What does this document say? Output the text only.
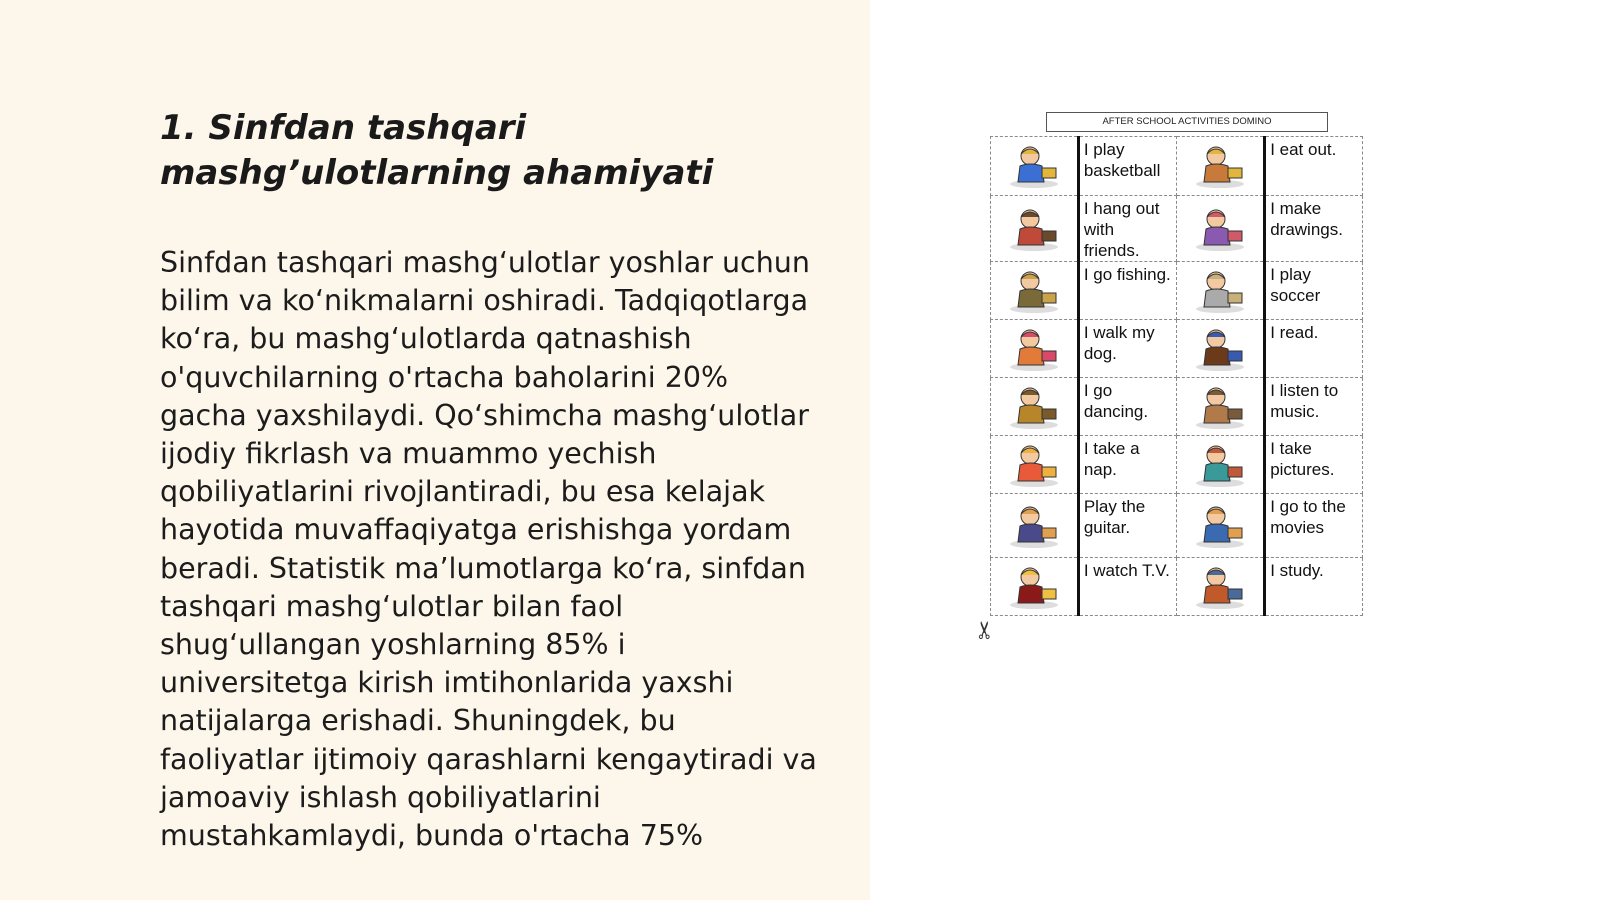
1. Sinfdan tashqari mashg’ulotlarning ahamiyati

Sinfdan tashqari mashg‘ulotlar yoshlar uchun bilim va ko‘nikmalarni oshiradi. Tadqiqotlarga ko‘ra, bu mashg‘ulotlarda qatnashish o'quvchilarning o'rtacha baholarini 20% gacha yaxshilaydi. Qo‘shimcha mashg‘ulotlar ijodiy fikrlash va muammo yechish qobiliyatlarini rivojlantiradi, bu esa kelajak hayotida muvaffaqiyatga erishishga yordam beradi. Statistik ma’lumotlarga ko‘ra, sinfdan tashqari mashg‘ulotlar bilan faol shug‘ullangan yoshlarning 85% i universitetga kirish imtihonlarida yaxshi natijalarga erishadi. Shuningdek, bu faoliyatlar ijtimoiy qarashlarni kengaytiradi va jamoaviy ishlash qobiliyatlarini mustahkamlaydi, bunda o'rtacha 75%

AFTER SCHOOL ACTIVITIES DOMINO
	I play basketball		I eat out.

	I hang out with friends.		I make drawings.

	I go fishing.		I play soccer

	I walk my dog.		I read.

	I go dancing.		I listen to music.

	I take a nap.		I take pictures.

	Play the guitar.		I go to the movies

	I watch T.V.		I study.
✂
